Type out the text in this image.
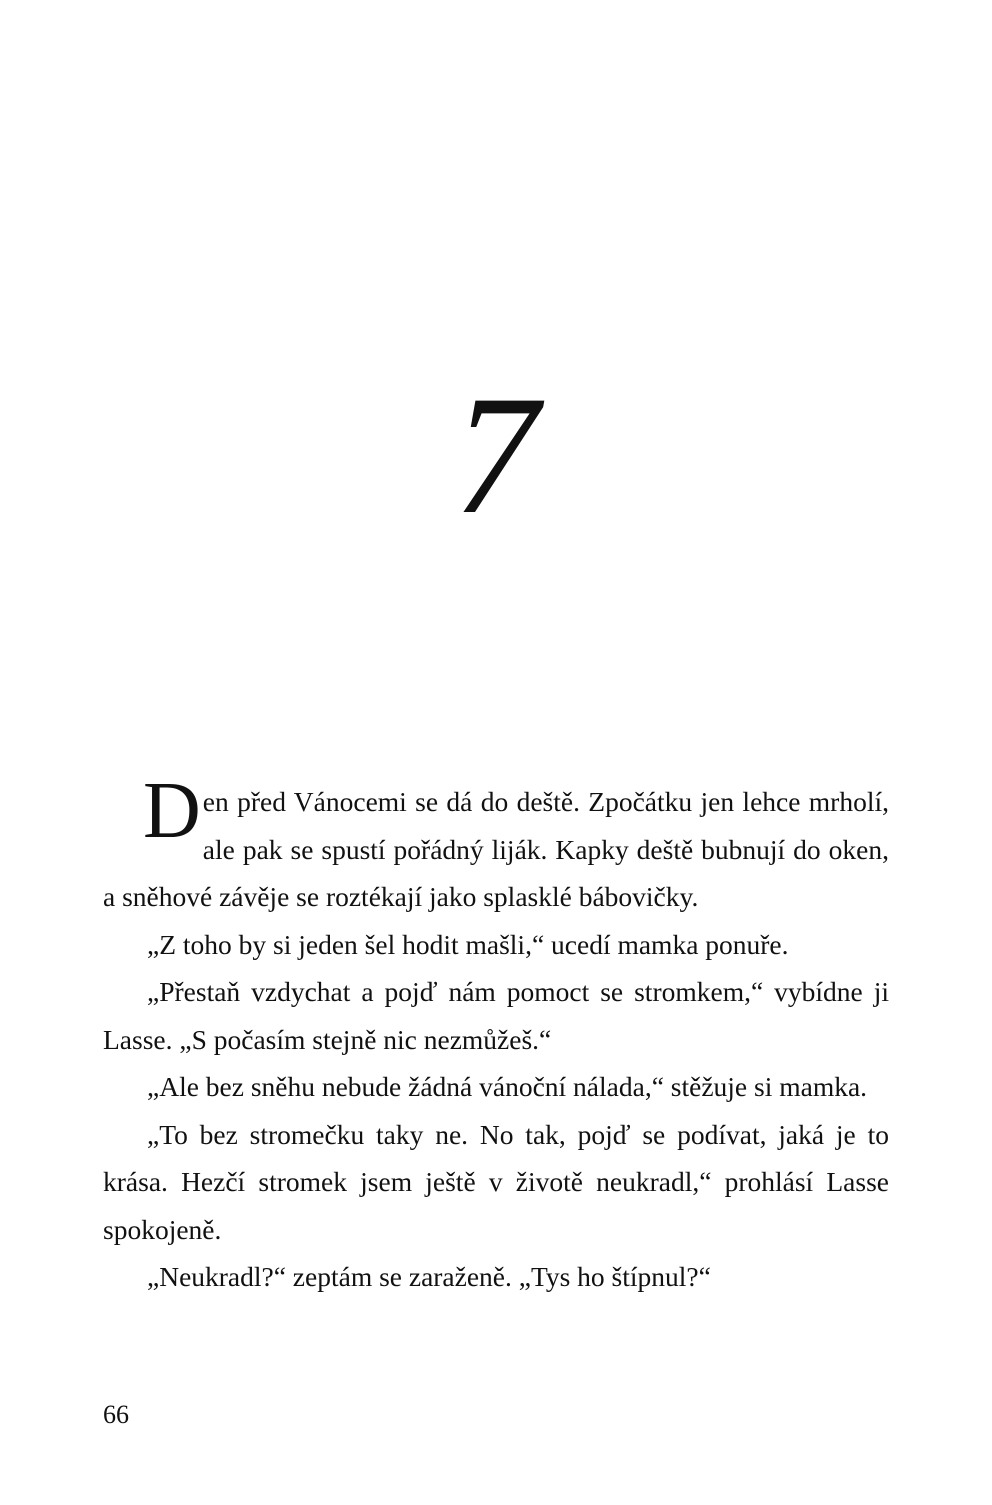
7

Den před Vánocemi se dá do deště. Zpočátku jen lehce mrholí, ale pak se spustí pořádný liják. Kapky deště bubnují do oken, a sněhové závěje se roztékají jako splasklé bábovičky.

„Z toho by si jeden šel hodit mašli,“ ucedí mamka ponuře.

„Přestaň vzdychat a pojď nám pomoct se stromkem,“ vybídne ji Lasse. „S počasím stejně nic nezmůžeš.“

„Ale bez sněhu nebude žádná vánoční nálada,“ stěžuje si mamka.

„To bez stromečku taky ne. No tak, pojď se podívat, jaká je to krása. Hezčí stromek jsem ještě v životě neukradl,“ prohlásí Lasse spokojeně.

„Neukradl?“ zeptám se zaraženě. „Tys ho štípnul?“

66
